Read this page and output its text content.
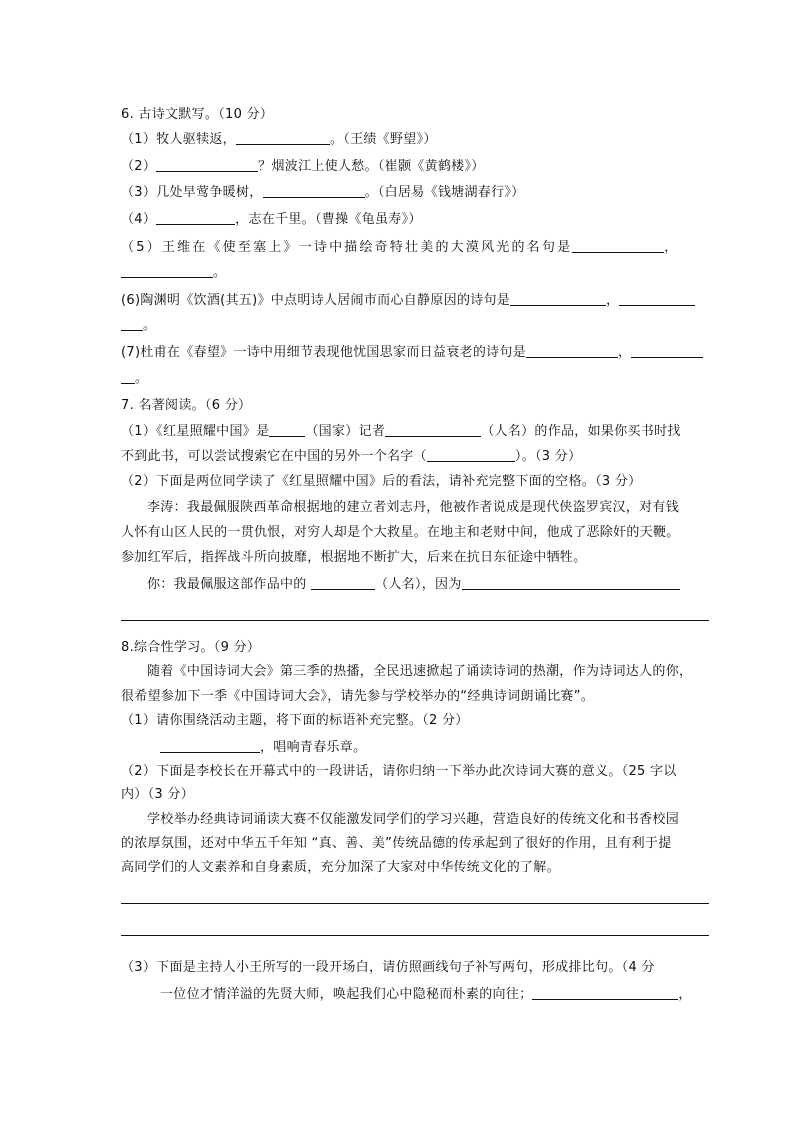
6. 古诗文默写。（10 分）
（1）牧人驱犊返，	。（王绩《野望》）
（2）	？烟波江上使人愁。（崔颢《黄鹤楼》）
（3）几处早莺争暖树，	。（白居易《钱塘湖春行》）
（4）	，志在千里。（曹操《龟虽寿》）
（5）王维在《使至塞上》一诗中描绘奇特壮美的大漠风光的名句是	，
。
(6)陶渊明《饮酒(其五)》中点明诗人居闹市而心自静原因的诗句是	，
。
(7)杜甫在《春望》一诗中用细节表现他忧国思家而日益衰老的诗句是	，
。
7. 名著阅读。（6 分）
（1）《红星照耀中国》是	（国家）记者	（人名）的作品，如果你买书时找
不到此书，可以尝试搜索它在中国的另外一个名字（	）。（3 分）
（2）下面是两位同学读了《红星照耀中国》后的看法，请补充完整下面的空格。（3 分）
李涛：我最佩服陕西革命根据地的建立者刘志丹，他被作者说成是现代侠盗罗宾汉，对有钱
人怀有山区人民的一贯仇恨，对穷人却是个大救星。在地主和老财中间，他成了恶除奸的天鞭。
参加红军后，指挥战斗所向披靡，根据地不断扩大，后来在抗日东征途中牺牲。
你：我最佩服这部作品中的	（人名），因为
8.综合性学习。（9 分）
随着《中国诗词大会》第三季的热播，全民迅速掀起了诵读诗词的热潮，作为诗词达人的你，
很希望参加下一季《中国诗词大会》，请先参与学校举办的“经典诗词朗诵比赛”。
（1）请你围绕活动主题，将下面的标语补充完整。（2 分）
，唱响青春乐章。
（2）下面是李校长在开幕式中的一段讲话，请你归纳一下举办此次诗词大赛的意义。（25 字以
内）（3 分）
学校举办经典诗词诵读大赛不仅能激发同学们的学习兴趣，营造良好的传统文化和书香校园
的浓厚氛围，还对中华五千年知 “真、善、美”传统品德的传承起到了很好的作用，且有利于提
高同学们的人文素养和自身素质，充分加深了大家对中华传统文化的了解。
（3）下面是主持人小王所写的一段开场白，请仿照画线句子补写两句，形成排比句。（4 分
一位位才情洋溢的先贤大师，唤起我们心中隐秘而朴素的向往；	，
